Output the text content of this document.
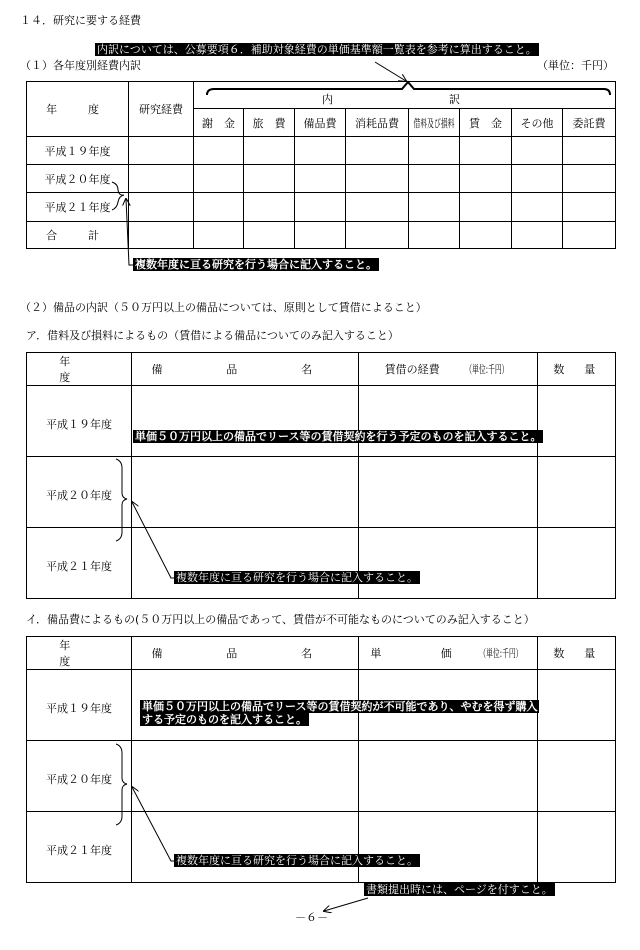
１４．研究に要する経費
内訳については、公募要項６．補助対象経費の単価基準額一覧表を参考に算出すること。
（１）各年度別経費内訳	（単位：千円）
年　度	研究経費	内 訳							

		謝　金	旅　費	備品費	消耗品費	借料及び損料	賃　金	その他	委託費
平成１９年度									
平成２０年度									
平成２１年度									
合　計									
複数年度に亘る研究を行う場合に記入すること。
（２）備品の内訳（５０万円以上の備品については、原則として賃借によること）
ア．借料及び損料によるもの（賃借による備品についてのみ記入すること）
年　度	備　品　名	賃借の経費 （単位:千円）	数　量

平成１９年度			

平成２０年度			

平成２１年度			

単価５０万円以上の備品でリース等の賃借契約を行う予定のものを記入すること。
複数年度に亘る研究を行う場合に記入すること。
イ．備品費によるもの(５０万円以上の備品であって、賃借が不可能なものについてのみ記入すること）
年　度	備　品　名	単　価 （単位:千円）	数　量

平成１９年度			

平成２０年度			

平成２１年度			

単価５０万円以上の備品でリース等の賃借契約が不可能であり、やむを得ず購入
する予定のものを記入すること。
複数年度に亘る研究を行う場合に記入すること。
書類提出時には、ページを付すこと。
－６－
